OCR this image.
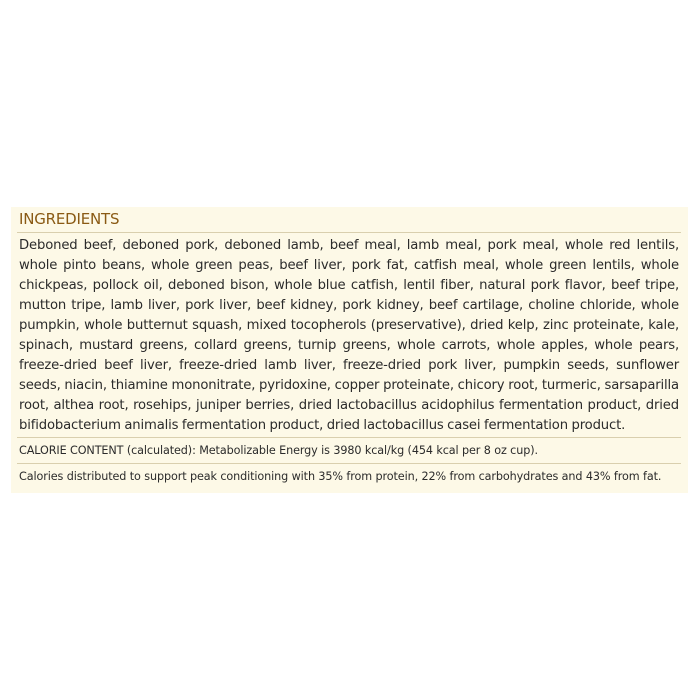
INGREDIENTS
Deboned beef, deboned pork, deboned lamb, beef meal, lamb meal, pork meal, whole red lentils, whole pinto beans, whole green peas, beef liver, pork fat, catfish meal, whole green lentils, whole chickpeas, pollock oil, deboned bison, whole blue catfish, lentil fiber, natural pork flavor, beef tripe, mutton tripe, lamb liver, pork liver, beef kidney, pork kidney, beef cartilage, choline chloride, whole pumpkin, whole butternut squash, mixed tocopherols (preservative), dried kelp, zinc proteinate, kale, spinach, mustard greens, collard greens, turnip greens, whole carrots, whole apples, whole pears, freeze-dried beef liver, freeze-dried lamb liver, freeze-dried pork liver, pumpkin seeds, sunflower seeds, niacin, thiamine mononitrate, pyridoxine, copper proteinate, chicory root, turmeric, sarsaparilla root, althea root, rosehips, juniper berries, dried lactobacillus acidophilus fermentation product, dried bifidobacterium animalis fermentation product, dried lactobacillus casei fermentation product.
CALORIE CONTENT (calculated): Metabolizable Energy is 3980 kcal/kg (454 kcal per 8 oz cup).
Calories distributed to support peak conditioning with 35% from protein, 22% from carbohydrates and 43% from fat.
